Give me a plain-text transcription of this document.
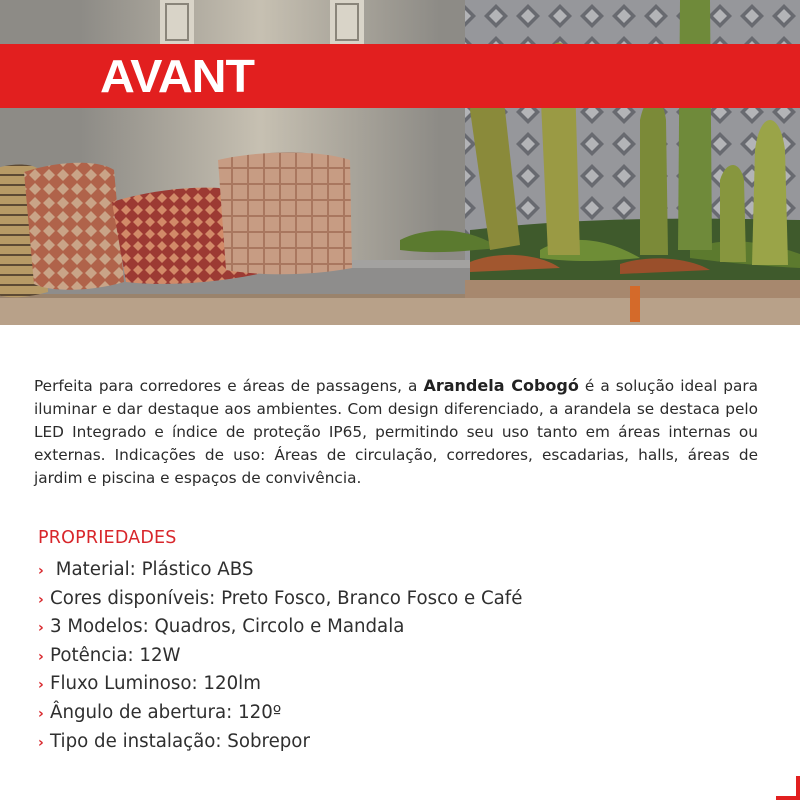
AVANT

Perfeita para corredores e áreas de passagens, a Arandela Cobogó é a solução ideal para iluminar e dar destaque aos ambientes. Com design diferenciado, a arandela se destaca pelo LED Integrado e índice de proteção IP65, permitindo seu uso tanto em áreas internas ou externas. Indicações de uso: Áreas de circulação, corredores, escadarias, halls, áreas de jardim e piscina e espaços de convivência.

PROPRIEDADES
› Material: Plástico ABS
› Cores disponíveis: Preto Fosco, Branco Fosco e Café
› 3 Modelos: Quadros, Circolo e Mandala
› Potência: 12W
› Fluxo Luminoso: 120lm
› Ângulo de abertura: 120º
› Tipo de instalação: Sobrepor
